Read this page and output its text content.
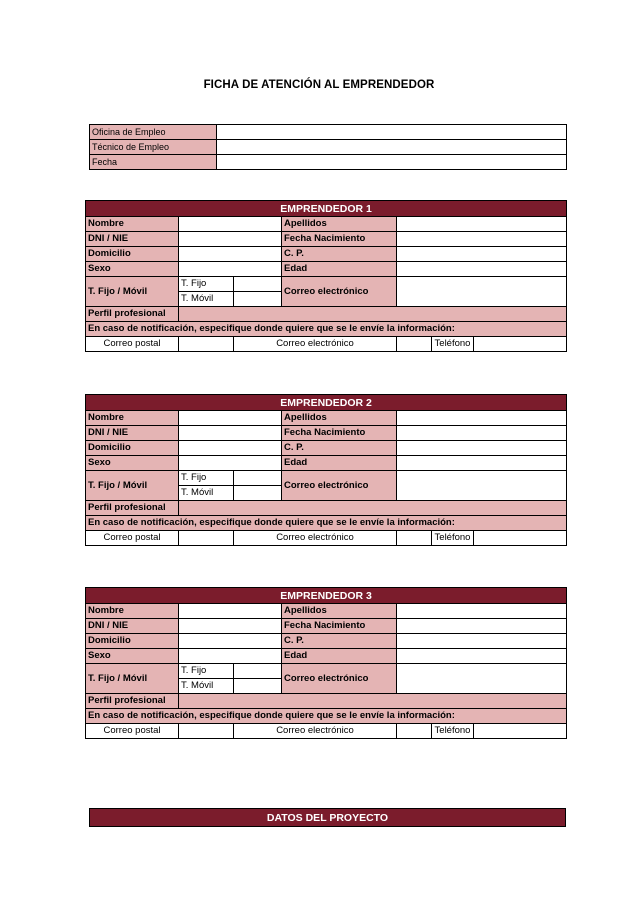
FICHA DE ATENCIÓN AL EMPRENDEDOR
Oficina de Empleo	
Técnico de Empleo	
Fecha	
EMPRENDEDOR 1						
Nombre			Apellidos			
DNI / NIE			Fecha Nacimiento			
Domicilio			C. P.			
Sexo			Edad			
T. Fijo / Móvil	T. Fijo		Correo electrónico			
	T. Móvil					
Perfil profesional						
En caso de notificación, especifique donde quiere que se le envíe la información:						
Correo postal		Correo electrónico			Teléfono	
EMPRENDEDOR 2						
Nombre			Apellidos			
DNI / NIE			Fecha Nacimiento			
Domicilio			C. P.			
Sexo			Edad			
T. Fijo / Móvil	T. Fijo		Correo electrónico			
	T. Móvil					
Perfil profesional						
En caso de notificación, especifique donde quiere que se le envíe la información:						
Correo postal		Correo electrónico			Teléfono	
EMPRENDEDOR 3						
Nombre			Apellidos			
DNI / NIE			Fecha Nacimiento			
Domicilio			C. P.			
Sexo			Edad			
T. Fijo / Móvil	T. Fijo		Correo electrónico			
	T. Móvil					
Perfil profesional						
En caso de notificación, especifique donde quiere que se le envíe la información:						
Correo postal		Correo electrónico			Teléfono	
DATOS DEL PROYECTO
